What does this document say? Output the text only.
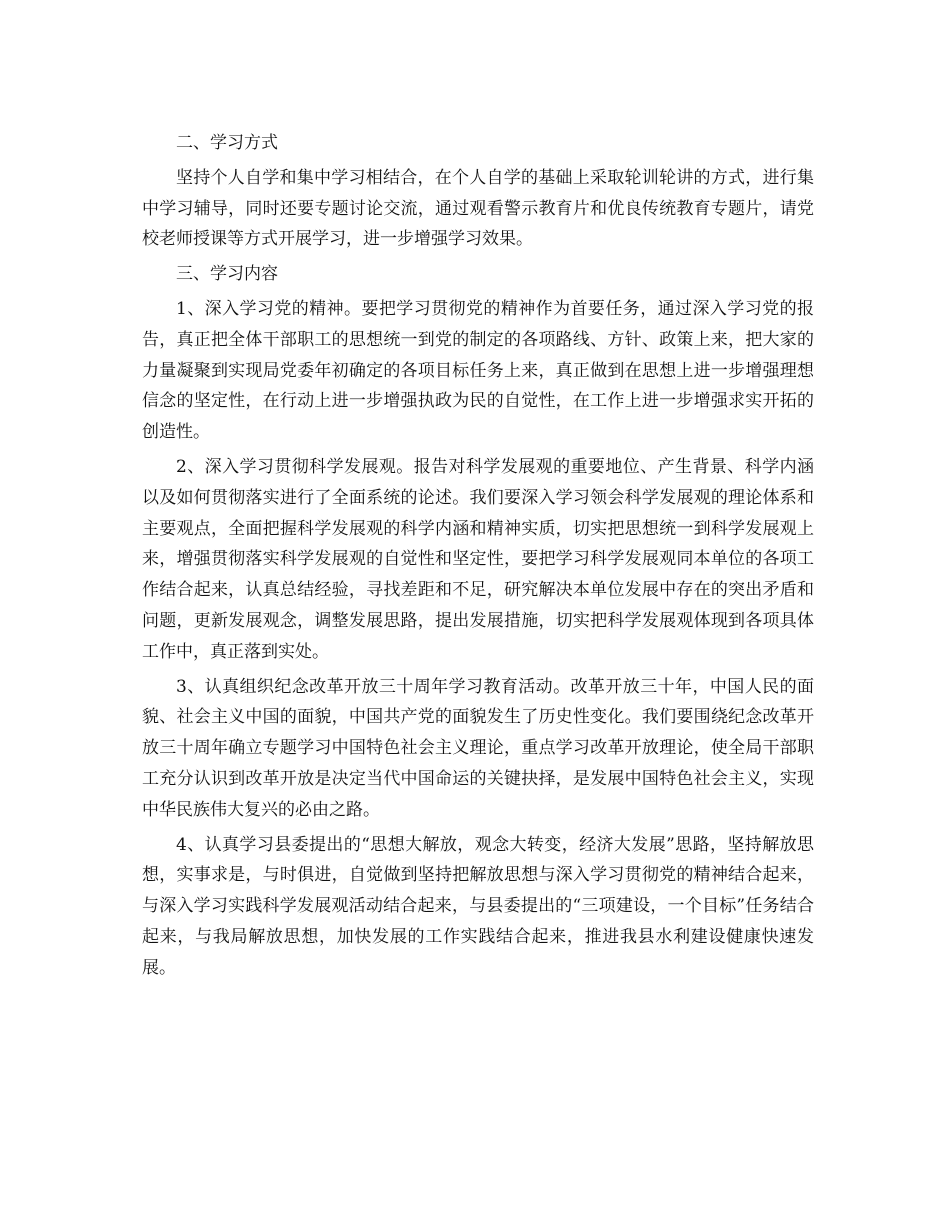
二、学习方式

坚持个人自学和集中学习相结合，在个人自学的基础上采取轮训轮讲的方式，进行集中学习辅导，同时还要专题讨论交流，通过观看警示教育片和优良传统教育专题片，请党校老师授课等方式开展学习，进一步增强学习效果。

三、学习内容

1、深入学习党的精神。要把学习贯彻党的精神作为首要任务，通过深入学习党的报告，真正把全体干部职工的思想统一到党的制定的各项路线、方针、政策上来，把大家的力量凝聚到实现局党委年初确定的各项目标任务上来，真正做到在思想上进一步增强理想信念的坚定性，在行动上进一步增强执政为民的自觉性，在工作上进一步增强求实开拓的创造性。

2、深入学习贯彻科学发展观。报告对科学发展观的重要地位、产生背景、科学内涵以及如何贯彻落实进行了全面系统的论述。我们要深入学习领会科学发展观的理论体系和主要观点，全面把握科学发展观的科学内涵和精神实质，切实把思想统一到科学发展观上来，增强贯彻落实科学发展观的自觉性和坚定性，要把学习科学发展观同本单位的各项工作结合起来，认真总结经验，寻找差距和不足，研究解决本单位发展中存在的突出矛盾和问题，更新发展观念，调整发展思路，提出发展措施，切实把科学发展观体现到各项具体工作中，真正落到实处。

3、认真组织纪念改革开放三十周年学习教育活动。改革开放三十年，中国人民的面貌、社会主义中国的面貌，中国共产党的面貌发生了历史性变化。我们要围绕纪念改革开放三十周年确立专题学习中国特色社会主义理论，重点学习改革开放理论，使全局干部职工充分认识到改革开放是决定当代中国命运的关键抉择，是发展中国特色社会主义，实现中华民族伟大复兴的必由之路。

4、认真学习县委提出的“思想大解放，观念大转变，经济大发展”思路，坚持解放思想，实事求是，与时俱进，自觉做到坚持把解放思想与深入学习贯彻党的精神结合起来，与深入学习实践科学发展观活动结合起来，与县委提出的“三项建设，一个目标”任务结合起来，与我局解放思想，加快发展的工作实践结合起来，推进我县水利建设健康快速发展。
